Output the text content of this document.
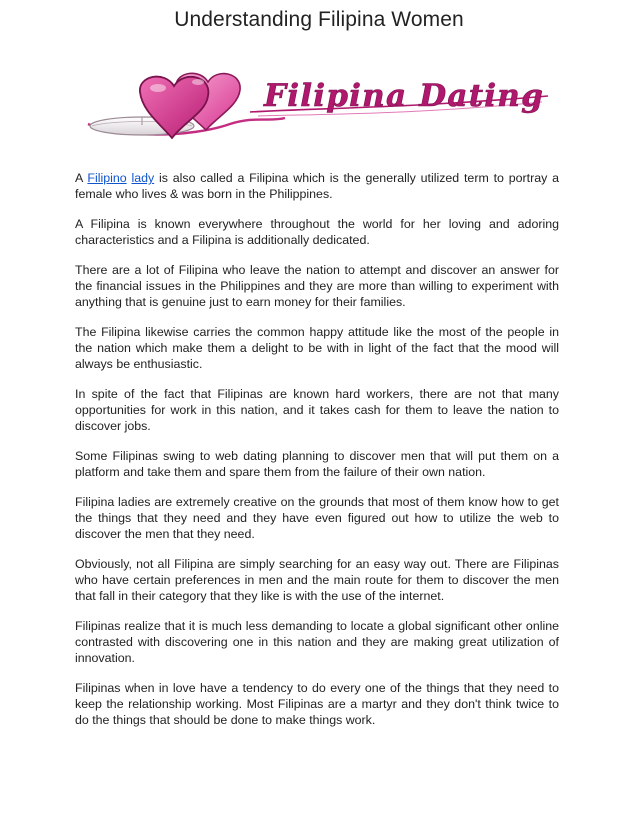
Understanding Filipina Women
Filipina Dating

A Filipino lady is also called a Filipina which is the generally utilized term to portray a female who lives & was born in the Philippines.

A Filipina is known everywhere throughout the world for her loving and adoring characteristics and a Filipina is additionally dedicated.

There are a lot of Filipina who leave the nation to attempt and discover an answer for the financial issues in the Philippines and they are more than willing to experiment with anything that is genuine just to earn money for their families.

The Filipina likewise carries the common happy attitude like the most of the people in the nation which make them a delight to be with in light of the fact that the mood will always be enthusiastic.

In spite of the fact that Filipinas are known hard workers, there are not that many opportunities for work in this nation, and it takes cash for them to leave the nation to discover jobs.

Some Filipinas swing to web dating planning to discover men that will put them on a platform and take them and spare them from the failure of their own nation.

Filipina ladies are extremely creative on the grounds that most of them know how to get the things that they need and they have even figured out how to utilize the web to discover the men that they need.

Obviously, not all Filipina are simply searching for an easy way out. There are Filipinas who have certain preferences in men and the main route for them to discover the men that fall in their category that they like is with the use of the internet.

Filipinas realize that it is much less demanding to locate a global significant other online contrasted with discovering one in this nation and they are making great utilization of innovation.

Filipinas when in love have a tendency to do every one of the things that they need to keep the relationship working. Most Filipinas are a martyr and they don't think twice to do the things that should be done to make things work.
